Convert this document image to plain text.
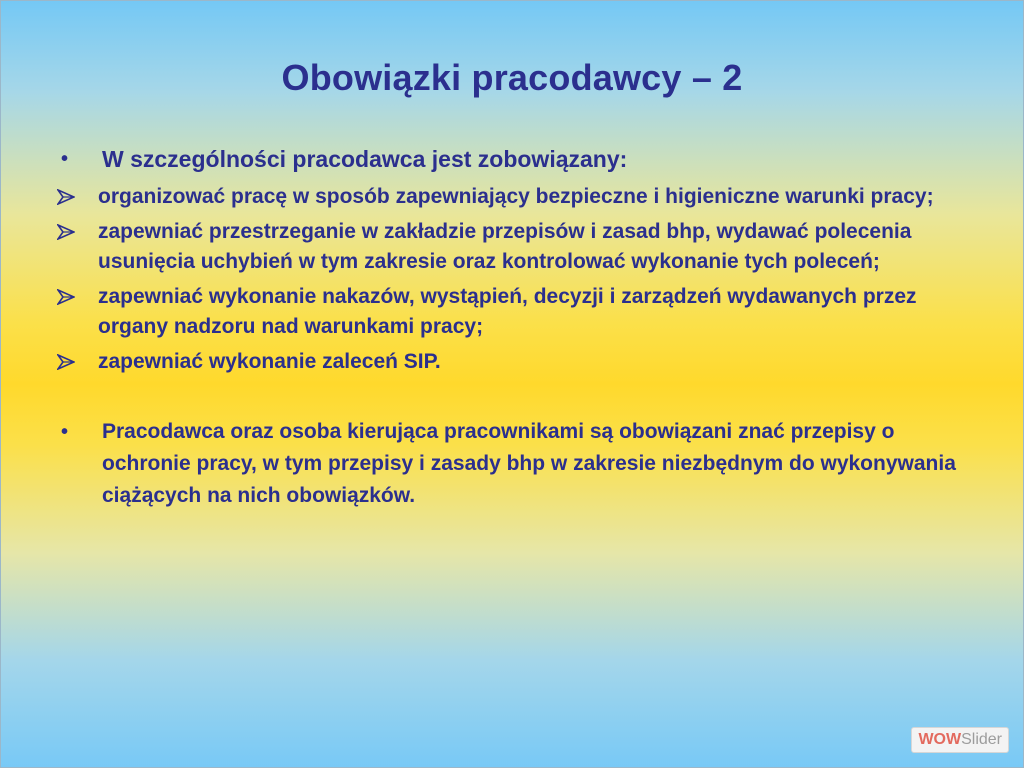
Obowiązki pracodawcy – 2
•	W szczególności pracodawca jest zobowiązany:
organizować pracę w sposób zapewniający bezpieczne i higieniczne warunki pracy;
zapewniać przestrzeganie w zakładzie przepisów i zasad bhp, wydawać polecenia usunięcia uchybień w tym zakresie oraz kontrolować wykonanie tych poleceń;
zapewniać wykonanie nakazów, wystąpień, decyzji i zarządzeń wydawanych przez organy nadzoru nad warunkami pracy;
zapewniać wykonanie zaleceń SIP.
•	Pracodawca oraz osoba kierująca pracownikami są obowiązani znać przepisy o ochronie pracy, w tym przepisy i zasady bhp w zakresie niezbędnym do wykonywania ciążących na nich obowiązków.
WOWSlider
